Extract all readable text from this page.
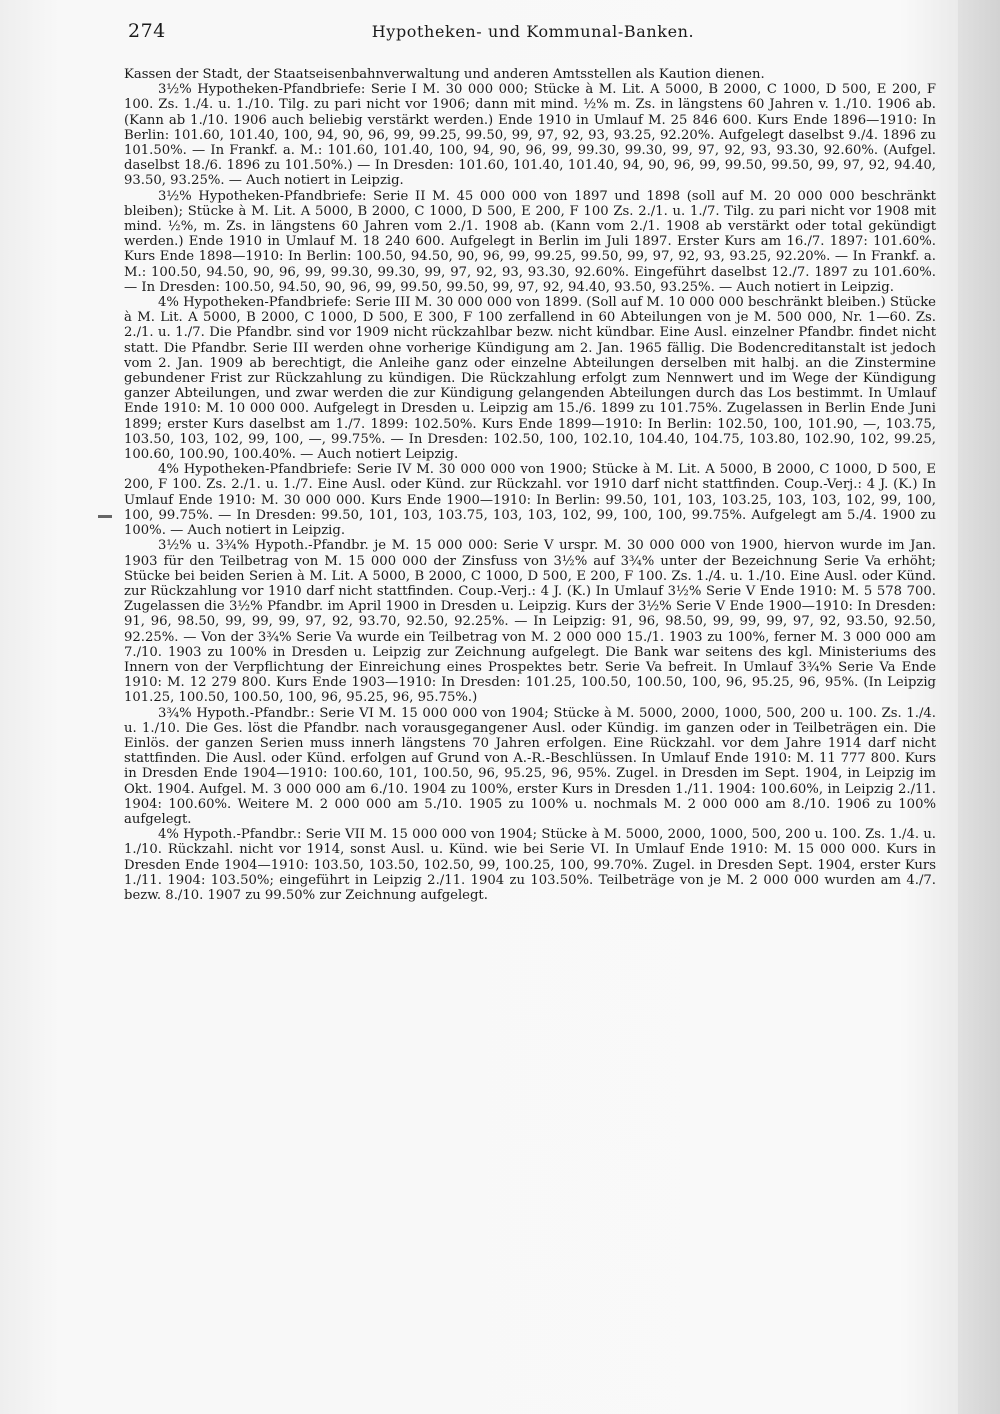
274	Hypotheken- und Kommunal-Banken.

Kassen der Stadt, der Staatseisenbahnverwaltung und anderen Amtsstellen als Kaution dienen.

3½% Hypotheken-Pfandbriefe: Serie I M. 30 000 000; Stücke à M. Lit. A 5000, B 2000, C 1000, D 500, E 200, F 100. Zs. 1./4. u. 1./10. Tilg. zu pari nicht vor 1906; dann mit mind. ½% m. Zs. in längstens 60 Jahren v. 1./10. 1906 ab. (Kann ab 1./10. 1906 auch beliebig verstärkt werden.) Ende 1910 in Umlauf M. 25 846 600. Kurs Ende 1896—1910: In Berlin: 101.60, 101.40, 100, 94, 90, 96, 99, 99.25, 99.50, 99, 97, 92, 93, 93.25, 92.20%. Aufgelegt daselbst 9./4. 1896 zu 101.50%. — In Frankf. a. M.: 101.60, 101.40, 100, 94, 90, 96, 99, 99.30, 99.30, 99, 97, 92, 93, 93.30, 92.60%. (Aufgel. daselbst 18./6. 1896 zu 101.50%.) — In Dresden: 101.60, 101.40, 101.40, 94, 90, 96, 99, 99.50, 99.50, 99, 97, 92, 94.40, 93.50, 93.25%. — Auch notiert in Leipzig.

3½% Hypotheken-Pfandbriefe: Serie II M. 45 000 000 von 1897 und 1898 (soll auf M. 20 000 000 beschränkt bleiben); Stücke à M. Lit. A 5000, B 2000, C 1000, D 500, E 200, F 100 Zs. 2./1. u. 1./7. Tilg. zu pari nicht vor 1908 mit mind. ½%, m. Zs. in längstens 60 Jahren vom 2./1. 1908 ab. (Kann vom 2./1. 1908 ab verstärkt oder total gekündigt werden.) Ende 1910 in Umlauf M. 18 240 600. Aufgelegt in Berlin im Juli 1897. Erster Kurs am 16./7. 1897: 101.60%. Kurs Ende 1898—1910: In Berlin: 100.50, 94.50, 90, 96, 99, 99.25, 99.50, 99, 97, 92, 93, 93.25, 92.20%. — In Frankf. a. M.: 100.50, 94.50, 90, 96, 99, 99.30, 99.30, 99, 97, 92, 93, 93.30, 92.60%. Eingeführt daselbst 12./7. 1897 zu 101.60%. — In Dresden: 100.50, 94.50, 90, 96, 99, 99.50, 99.50, 99, 97, 92, 94.40, 93.50, 93.25%. — Auch notiert in Leipzig.

4% Hypotheken-Pfandbriefe: Serie III M. 30 000 000 von 1899. (Soll auf M. 10 000 000 beschränkt bleiben.) Stücke à M. Lit. A 5000, B 2000, C 1000, D 500, E 300, F 100 zerfallend in 60 Abteilungen von je M. 500 000, Nr. 1—60. Zs. 2./1. u. 1./7. Die Pfandbr. sind vor 1909 nicht rückzahlbar bezw. nicht kündbar. Eine Ausl. einzelner Pfandbr. findet nicht statt. Die Pfandbr. Serie III werden ohne vorherige Kündigung am 2. Jan. 1965 fällig. Die Bodencreditanstalt ist jedoch vom 2. Jan. 1909 ab berechtigt, die Anleihe ganz oder einzelne Abteilungen derselben mit halbj. an die Zinstermine gebundener Frist zur Rückzahlung zu kündigen. Die Rückzahlung erfolgt zum Nennwert und im Wege der Kündigung ganzer Abteilungen, und zwar werden die zur Kündigung gelangenden Abteilungen durch das Los bestimmt. In Umlauf Ende 1910: M. 10 000 000. Aufgelegt in Dresden u. Leipzig am 15./6. 1899 zu 101.75%. Zugelassen in Berlin Ende Juni 1899; erster Kurs daselbst am 1./7. 1899: 102.50%. Kurs Ende 1899—1910: In Berlin: 102.50, 100, 101.90, —, 103.75, 103.50, 103, 102, 99, 100, —, 99.75%. — In Dresden: 102.50, 100, 102.10, 104.40, 104.75, 103.80, 102.90, 102, 99.25, 100.60, 100.90, 100.40%. — Auch notiert Leipzig.

4% Hypotheken-Pfandbriefe: Serie IV M. 30 000 000 von 1900; Stücke à M. Lit. A 5000, B 2000, C 1000, D 500, E 200, F 100. Zs. 2./1. u. 1./7. Eine Ausl. oder Künd. zur Rückzahl. vor 1910 darf nicht stattfinden. Coup.-Verj.: 4 J. (K.) In Umlauf Ende 1910: M. 30 000 000. Kurs Ende 1900—1910: In Berlin: 99.50, 101, 103, 103.25, 103, 103, 102, 99, 100, 100, 99.75%. — In Dresden: 99.50, 101, 103, 103.75, 103, 103, 102, 99, 100, 100, 99.75%. Aufgelegt am 5./4. 1900 zu 100%. — Auch notiert in Leipzig.

3½% u. 3¾% Hypoth.-Pfandbr. je M. 15 000 000: Serie V urspr. M. 30 000 000 von 1900, hiervon wurde im Jan. 1903 für den Teilbetrag von M. 15 000 000 der Zinsfuss von 3½% auf 3¾% unter der Bezeichnung Serie Va erhöht; Stücke bei beiden Serien à M. Lit. A 5000, B 2000, C 1000, D 500, E 200, F 100. Zs. 1./4. u. 1./10. Eine Ausl. oder Künd. zur Rückzahlung vor 1910 darf nicht stattfinden. Coup.-Verj.: 4 J. (K.) In Umlauf 3½% Serie V Ende 1910: M. 5 578 700. Zugelassen die 3½% Pfandbr. im April 1900 in Dresden u. Leipzig. Kurs der 3½% Serie V Ende 1900—1910: In Dresden: 91, 96, 98.50, 99, 99, 99, 97, 92, 93.70, 92.50, 92.25%. — In Leipzig: 91, 96, 98.50, 99, 99, 99, 97, 92, 93.50, 92.50, 92.25%. — Von der 3¾% Serie Va wurde ein Teilbetrag von M. 2 000 000 15./1. 1903 zu 100%, ferner M. 3 000 000 am 7./10. 1903 zu 100% in Dresden u. Leipzig zur Zeichnung aufgelegt. Die Bank war seitens des kgl. Ministeriums des Innern von der Verpflichtung der Einreichung eines Prospektes betr. Serie Va befreit. In Umlauf 3¾% Serie Va Ende 1910: M. 12 279 800. Kurs Ende 1903—1910: In Dresden: 101.25, 100.50, 100.50, 100, 96, 95.25, 96, 95%. (In Leipzig 101.25, 100.50, 100.50, 100, 96, 95.25, 96, 95.75%.)

3¾% Hypoth.-Pfandbr.: Serie VI M. 15 000 000 von 1904; Stücke à M. 5000, 2000, 1000, 500, 200 u. 100. Zs. 1./4. u. 1./10. Die Ges. löst die Pfandbr. nach vorausgegangener Ausl. oder Kündig. im ganzen oder in Teilbeträgen ein. Die Einlös. der ganzen Serien muss innerh längstens 70 Jahren erfolgen. Eine Rückzahl. vor dem Jahre 1914 darf nicht stattfinden. Die Ausl. oder Künd. erfolgen auf Grund von A.-R.-Beschlüssen. In Umlauf Ende 1910: M. 11 777 800. Kurs in Dresden Ende 1904—1910: 100.60, 101, 100.50, 96, 95.25, 96, 95%. Zugel. in Dresden im Sept. 1904, in Leipzig im Okt. 1904. Aufgel. M. 3 000 000 am 6./10. 1904 zu 100%, erster Kurs in Dresden 1./11. 1904: 100.60%, in Leipzig 2./11. 1904: 100.60%. Weitere M. 2 000 000 am 5./10. 1905 zu 100% u. nochmals M. 2 000 000 am 8./10. 1906 zu 100% aufgelegt.

4% Hypoth.-Pfandbr.: Serie VII M. 15 000 000 von 1904; Stücke à M. 5000, 2000, 1000, 500, 200 u. 100. Zs. 1./4. u. 1./10. Rückzahl. nicht vor 1914, sonst Ausl. u. Künd. wie bei Serie VI. In Umlauf Ende 1910: M. 15 000 000. Kurs in Dresden Ende 1904—1910: 103.50, 103.50, 102.50, 99, 100.25, 100, 99.70%. Zugel. in Dresden Sept. 1904, erster Kurs 1./11. 1904: 103.50%; eingeführt in Leipzig 2./11. 1904 zu 103.50%. Teilbeträge von je M. 2 000 000 wurden am 4./7. bezw. 8./10. 1907 zu 99.50% zur Zeichnung aufgelegt.
